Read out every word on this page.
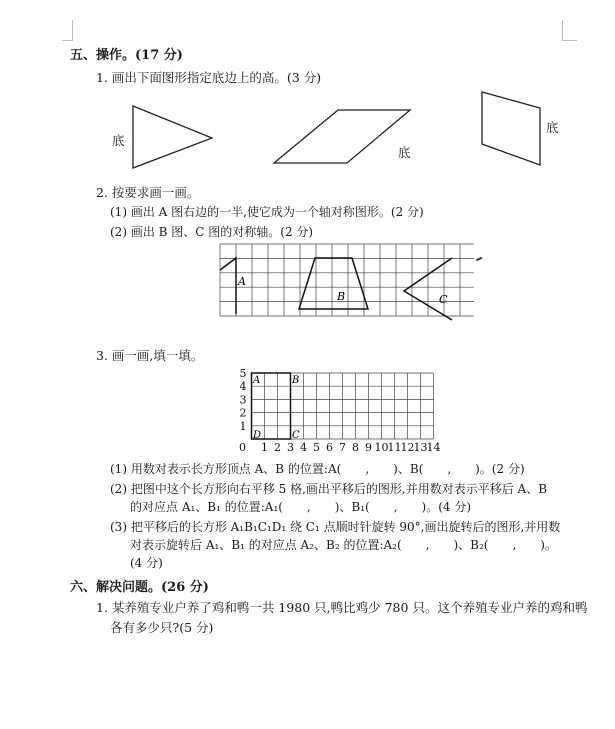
五、操作。(17 分)
1. 画出下面图形指定底边上的高。(3 分)
底
底
底
2. 按要求画一画。
(1) 画出 A 图右边的一半,使它成为一个轴对称图形。(2 分)
(2) 画出 B 图、C 图的对称轴。(2 分)
A
B	C
3. 画一画,填一填。
1
2
3
4
5
0 1 2 3 4 5 6 7 8 9 10 11 12 13 14
A	B
C
D
(1) 用数对表示长方形顶点 A、B 的位置:A(　　,　　)、B(　　,　　)。(2 分)
(2) 把图中这个长方形向右平移 5 格,画出平移后的图形,并用数对表示平移后 A、B
的对应点 A₁、B₁ 的位置:A₁(　　,　　)、B₁(　　,　　)。(4 分)
(3) 把平移后的长方形 A₁B₁C₁D₁ 绕 C₁ 点顺时针旋转 90°,画出旋转后的图形,并用数
对表示旋转后 A₁、B₁ 的对应点 A₂、B₂ 的位置:A₂(　　,　　)、B₂(　　,　　)。
(4 分)
六、解决问题。(26 分)
1. 某养殖专业户养了鸡和鸭一共 1980 只,鸭比鸡少 780 只。这个养殖专业户养的鸡和鸭
各有多少只?(5 分)
